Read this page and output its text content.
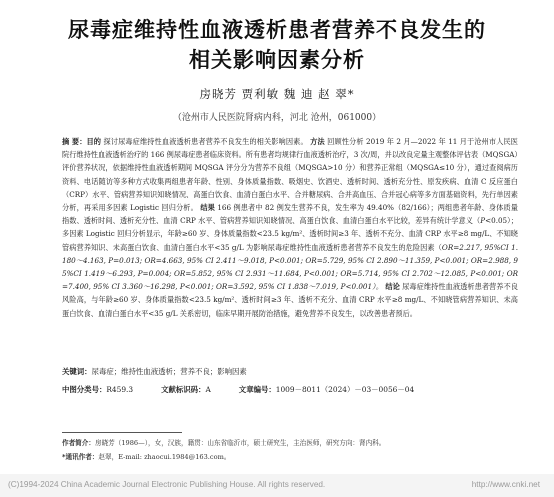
尿毒症维持性血液透析患者营养不良发生的
相关影响因素分析
房晓芳 贾利敏 魏 迪 赵 翠*
（沧州市人民医院肾病内科，河北 沧州，061000）
摘 要：目的 探讨尿毒症维持性血液透析患者营养不良发生的相关影响因素。 方法 回顾性分析 2019 年 2 月—2022 年 11 月于沧州市人民医院行维持性血液透析治疗的 166 例尿毒症患者临床资料。所有患者均规律行血液透析治疗，3 次/周，并以改良定量主观整体评估表（MQSGA）评价营养状况，依据维持性血液透析期间 MQSGA 评分分为营养不良组（MQSGA>10 分）和营养正常组（MQSGA≤10 分），通过查阅病历资料、电话随访等多种方式收集两组患者年龄、性别、身体质量指数、吸烟史、饮酒史、透析时间、透析充分性、原发疾病、血清 C 反应蛋白（CRP）水平、管病营养知识知晓情况、高蛋白饮食、血清白蛋白水平、合并糖尿病、合并高血压、合并冠心病等多方面基础资料，先行单因素分析，再采用多因素 Logistic 回归分析。 结果 166 例患者中 82 例发生营养不良，发生率为 49.40%（82/166）；两组患者年龄、身体质量指数、透析时间、透析充分性、血清 CRP 水平、管病营养知识知晓情况、高蛋白饮食、血清白蛋白水平比较，差异有统计学意义（P<0.05）；多因素 Logistic 回归分析显示，年龄≥60 岁、身体质量指数<23.5 kg/m²、透析时间≥3 年、透析不充分、血清 CRP 水平≥8 mg/L、不知晓管病营养知识、未高蛋白饮食、血清白蛋白水平<35 g/L 为影响尿毒症维持性血液透析患者营养不良发生的危险因素（OR=2.217, 95%CI 1.180～4.163, P=0.013; OR=4.663, 95% CI 2.411～9.018, P<0.001; OR=5.729, 95% CI 2.890～11.359, P<0.001; OR=2.988, 95%CI 1.419～6.293, P=0.004; OR=5.852, 95% CI 2.931～11.684, P<0.001; OR=5.714, 95% CI 2.702～12.085, P<0.001; OR=7.400, 95% CI 3.360～16.298, P<0.001; OR=3.592, 95% CI 1.838～7.019, P<0.001）。 结论 尿毒症维持性血液透析患者营养不良风险高，与年龄≥60 岁、身体质量指数<23.5 kg/m²、透析时间≥3 年、透析不充分、血清 CRP 水平≥8 mg/L、不知晓管病营养知识、未高蛋白饮食、血清白蛋白水平<35 g/L 关系密切，临床早期开展防治措施，避免营养不良发生，以改善患者预后。
关键词：尿毒症；维持性血液透析；营养不良；影响因素
中图分类号：R459.3	文献标识码：A	文章编号：1009－8011（2024）－03－0056－04
作者简介：房晓芳（1986—），女，汉族，籍贯：山东省临沂市，硕士研究生，主治医师，研究方向：肾内科。
*通讯作者：赵翠，E-mail: zhaocui.1984@163.com。
(C)1994-2024 China Academic Journal Electronic Publishing House. All rights reserved.	http://www.cnki.net
